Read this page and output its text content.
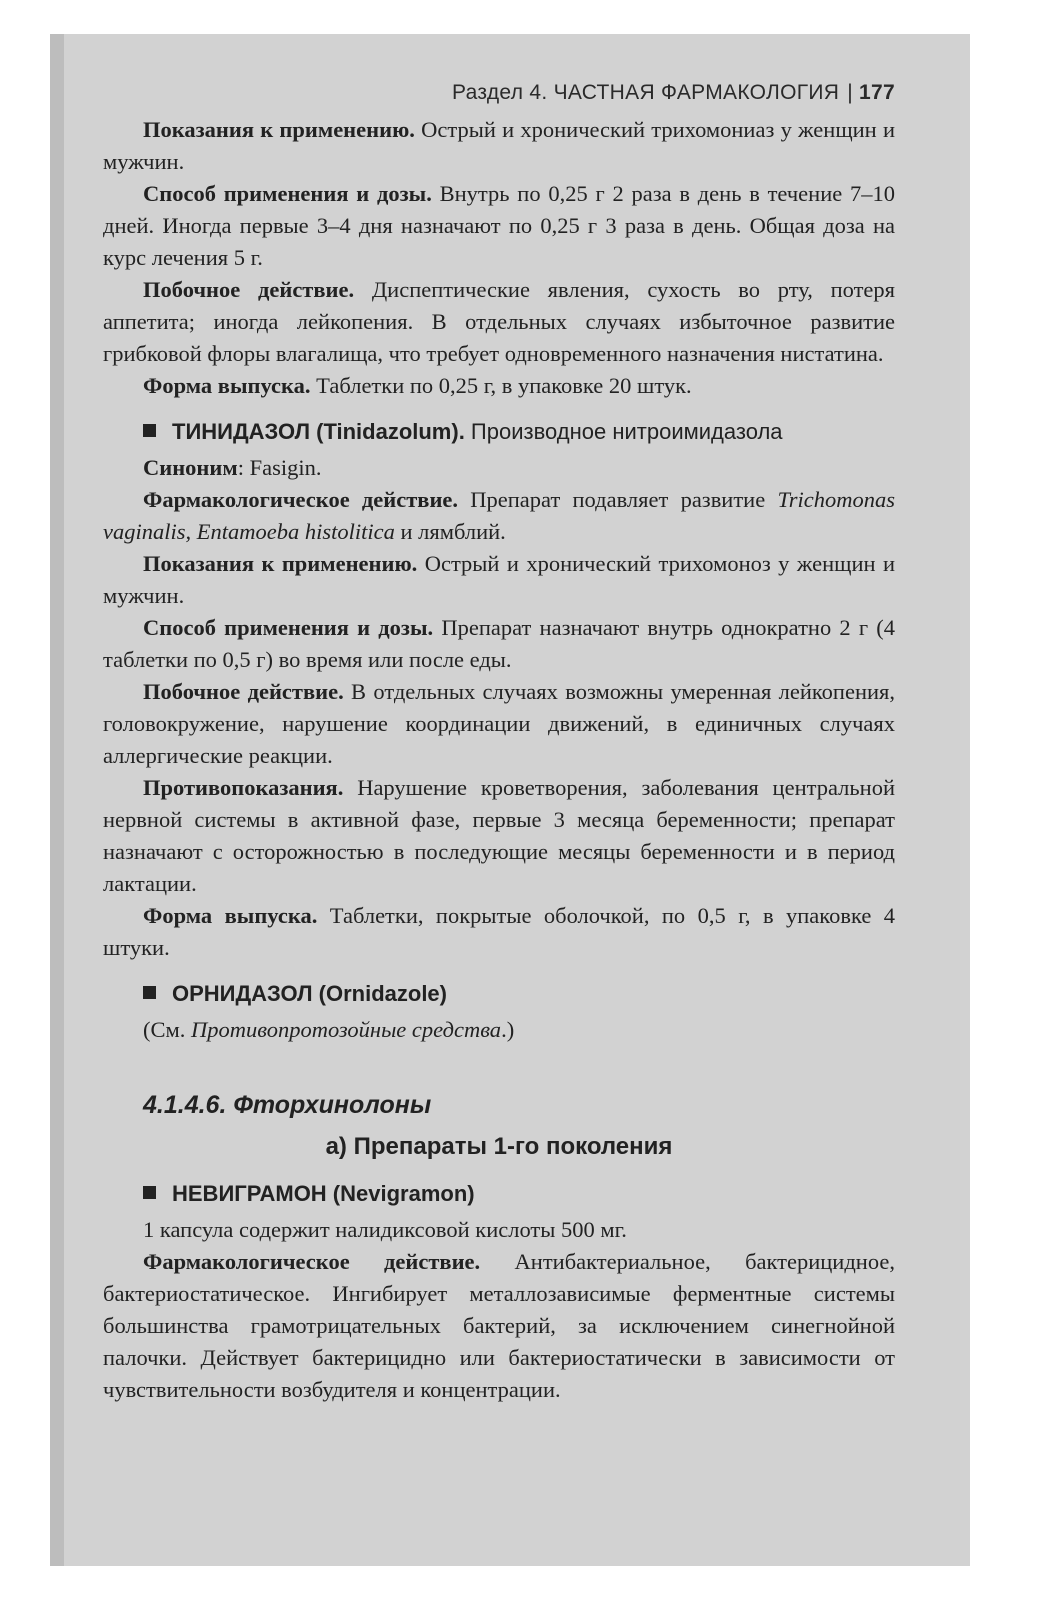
Раздел 4. ЧАСТНАЯ ФАРМАКОЛОГИЯ | 177

Показания к применению. Острый и хронический трихомониаз у женщин и мужчин.

Способ применения и дозы. Внутрь по 0,25 г 2 раза в день в течение 7–10 дней. Иногда первые 3–4 дня назначают по 0,25 г 3 раза в день. Общая доза на курс лечения 5 г.

Побочное действие. Диспептические явления, сухость во рту, потеря аппетита; иногда лейкопения. В отдельных случаях избыточное развитие грибковой флоры влагалища, что требует одновременного назначения нистатина.

Форма выпуска. Таблетки по 0,25 г, в упаковке 20 штук.

ТИНИДАЗОЛ (Tinidazolum). Производное нитроимидазола

Синоним: Fasigin.

Фармакологическое действие. Препарат подавляет развитие Trichomonas vaginalis, Entamoeba histolitica и лямблий.

Показания к применению. Острый и хронический трихомоноз у женщин и мужчин.

Способ применения и дозы. Препарат назначают внутрь однократно 2 г (4 таблетки по 0,5 г) во время или после еды.

Побочное действие. В отдельных случаях возможны умеренная лейкопения, головокружение, нарушение координации движений, в единичных случаях аллергические реакции.

Противопоказания. Нарушение кроветворения, заболевания центральной нервной системы в активной фазе, первые 3 месяца беременности; препарат назначают с осторожностью в последующие месяцы беременности и в период лактации.

Форма выпуска. Таблетки, покрытые оболочкой, по 0,5 г, в упаковке 4 штуки.

ОРНИДАЗОЛ (Ornidazole)

(См. Противопротозойные средства.)

4.1.4.6. Фторхинолоны
а) Препараты 1-го поколения
НЕВИГРАМОН (Nevigramon)

1 капсула содержит налидиксовой кислоты 500 мг.

Фармакологическое действие. Антибактериальное, бактерицидное, бактериостатическое. Ингибирует металлозависимые ферментные системы большинства грамотрицательных бактерий, за исключением синегнойной палочки. Действует бактерицидно или бактериостатически в зависимости от чувствительности возбудителя и концентрации.
